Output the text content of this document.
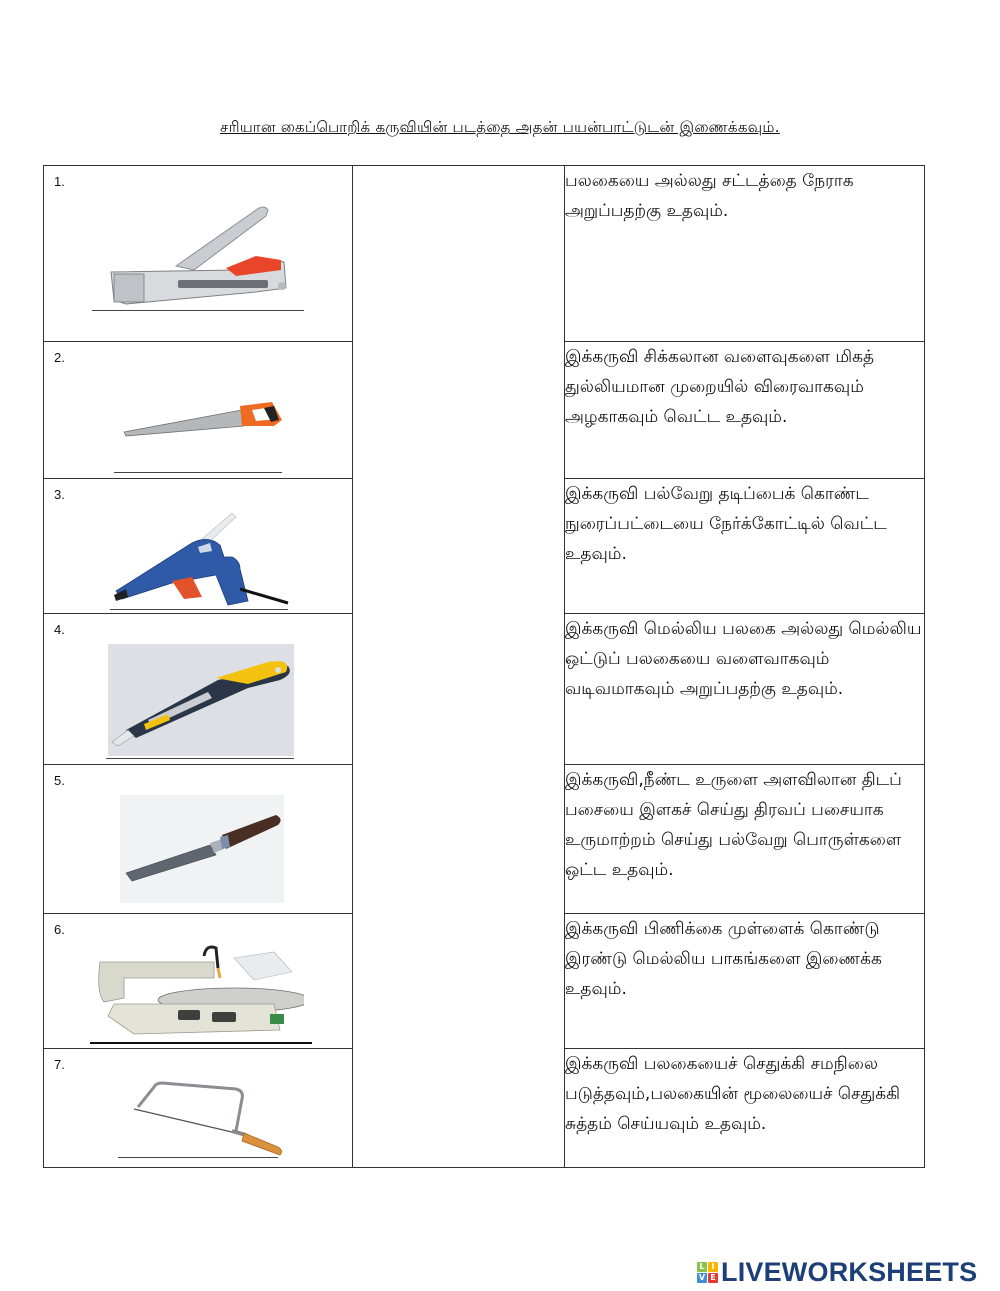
சரியான கைப்பொறிக் கருவியின் படத்தை அதன் பயன்பாட்டுடன் இணைக்கவும்.
1.		பலகையை அல்லது சட்டத்தை நேராக அறுப்பதற்கு உதவும்.

2.		இக்கருவி சிக்கலான வளைவுகளை மிகத் துல்லியமான முறையில் விரைவாகவும் அழகாகவும் வெட்ட உதவும்.

3.		இக்கருவி பல்வேறு தடிப்பைக் கொண்ட நுரைப்பட்டையை நேர்க்கோட்டில் வெட்ட உதவும்.

4.		இக்கருவி மெல்லிய பலகை அல்லது மெல்லிய ஒட்டுப் பலகையை வளைவாகவும் வடிவமாகவும் அறுப்பதற்கு உதவும்.

5.		இக்கருவி,நீண்ட உருளை அளவிலான திடப் பசையை இளகச் செய்து திரவப் பசையாக உருமாற்றம் செய்து பல்வேறு பொருள்களை ஒட்ட உதவும்.

6.		இக்கருவி பிணிக்கை முள்ளைக் கொண்டு இரண்டு மெல்லிய பாகங்களை இணைக்க உதவும்.

7.		இக்கருவி பலகையைச் செதுக்கி சமநிலை படுத்தவும்,பலகையின் மூலையைச் செதுக்கி சுத்தம் செய்யவும் உதவும்.
L I
V E LIVEWORKSHEETS
